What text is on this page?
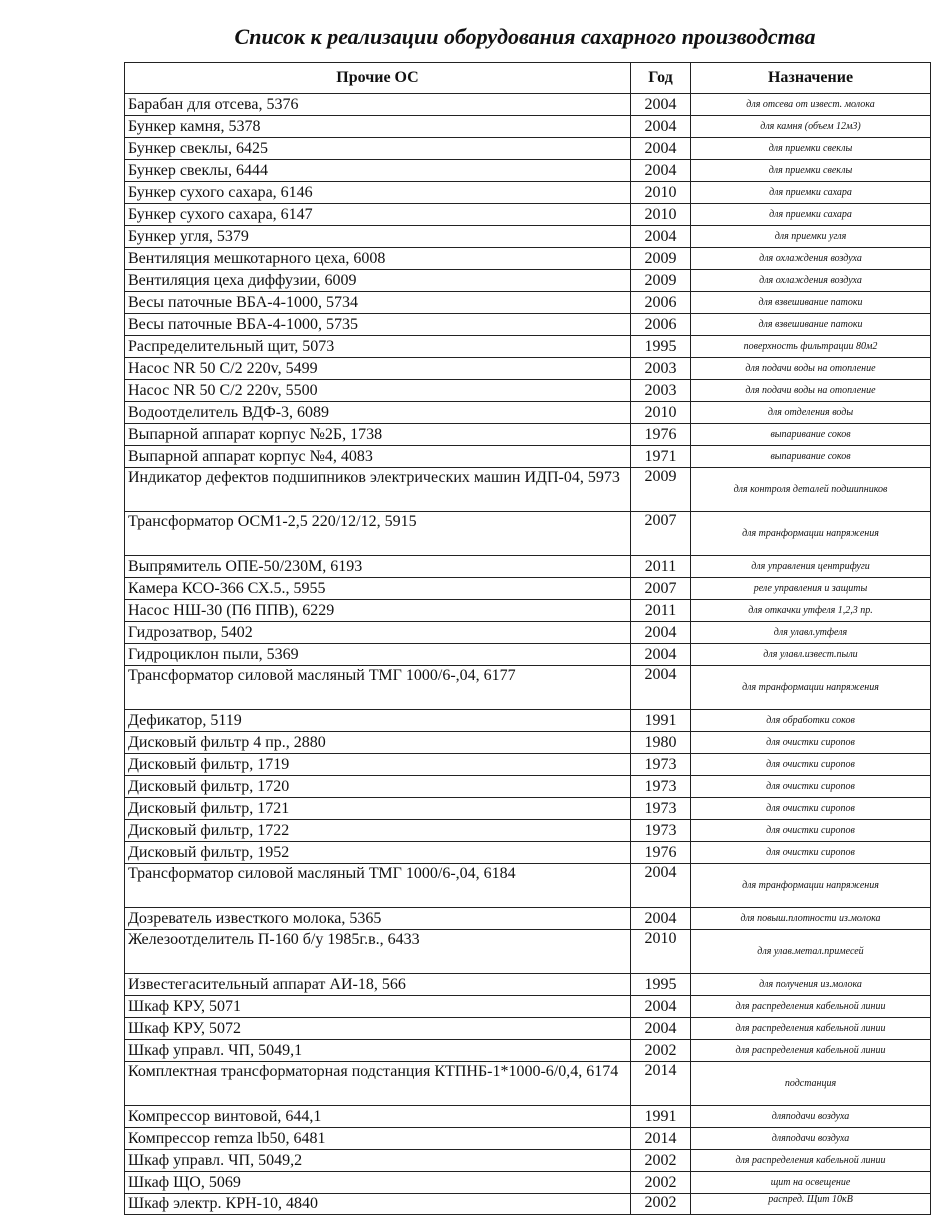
Список к реализации оборудования сахарного производства
Прочие ОС	Год	Назначение
Барабан для отсева, 5376	2004	для отсева от извест. молока
Бункер камня, 5378	2004	для камня (объем 12м3)
Бункер свеклы, 6425	2004	для приемки свеклы
Бункер свеклы, 6444	2004	для приемки свеклы
Бункер сухого сахара, 6146	2010	для приемки сахара
Бункер сухого сахара, 6147	2010	для приемки сахара
Бункер угля, 5379	2004	для приемки угля
Вентиляция мешкотарного цеха, 6008	2009	для охлаждения воздуха
Вентиляция цеха диффузии, 6009	2009	для охлаждения воздуха
Весы паточные ВБА-4-1000, 5734	2006	для взвешивание патоки
Весы паточные ВБА-4-1000, 5735	2006	для взвешивание патоки
Распределительный щит, 5073	1995	поверхность фильтрации 80м2
Насос NR 50 C/2 220v, 5499	2003	для подачи воды на отопление
Насос NR 50 C/2 220v, 5500	2003	для подачи воды на отопление
Водоотделитель ВДФ-3, 6089	2010	для отделения воды
Выпарной аппарат корпус №2Б, 1738	1976	выпаривание соков
Выпарной аппарат корпус №4, 4083	1971	выпаривание соков
Индикатор дефектов подшипников электрических машин ИДП-04, 5973	2009	для контроля деталей подшипников
Трансформатор ОСМ1-2,5 220/12/12, 5915	2007	для транформации напряжения
Выпрямитель ОПЕ-50/230М, 6193	2011	для управления центрифуги
Камера КСО-366 СХ.5., 5955	2007	реле управления и защиты
Насос НШ-30 (П6 ППВ), 6229	2011	для откачки утфеля 1,2,3 пр.
Гидрозатвор, 5402	2004	для улавл.утфеля
Гидроциклон пыли, 5369	2004	для улавл.извест.пыли
Трансформатор силовой масляный ТМГ 1000/6-,04, 6177	2004	для транформации напряжения
Дефикатор, 5119	1991	для обработки соков
Дисковый фильтр 4 пр., 2880	1980	для очистки сиропов
Дисковый фильтр, 1719	1973	для очистки сиропов
Дисковый фильтр, 1720	1973	для очистки сиропов
Дисковый фильтр, 1721	1973	для очистки сиропов
Дисковый фильтр, 1722	1973	для очистки сиропов
Дисковый фильтр, 1952	1976	для очистки сиропов
Трансформатор силовой масляный ТМГ 1000/6-,04, 6184	2004	для транформации напряжения
Дозреватель известкого молока, 5365	2004	для повыш.плотности из.молока
Железоотделитель П-160 б/у 1985г.в., 6433	2010	для улав.метал.примесей
Известегасительный аппарат АИ-18, 566	1995	для получения из.молока
Шкаф КРУ, 5071	2004	для распределения кабельной линии
Шкаф КРУ, 5072	2004	для распределения кабельной линии
Шкаф управл. ЧП, 5049,1	2002	для распределения кабельной линии
Комплектная трансформаторная подстанция КТПНБ-1*1000-6/0,4, 6174	2014	подстанция
Компрессор винтовой, 644,1	1991	дляподачи воздуха
Компрессор remza lb50, 6481	2014	дляподачи воздуха
Шкаф управл. ЧП, 5049,2	2002	для распределения кабельной линии
Шкаф ЩО, 5069	2002	щит на освещение
Шкаф электр. КРН-10, 4840	2002	распред. Щит 10кВ
